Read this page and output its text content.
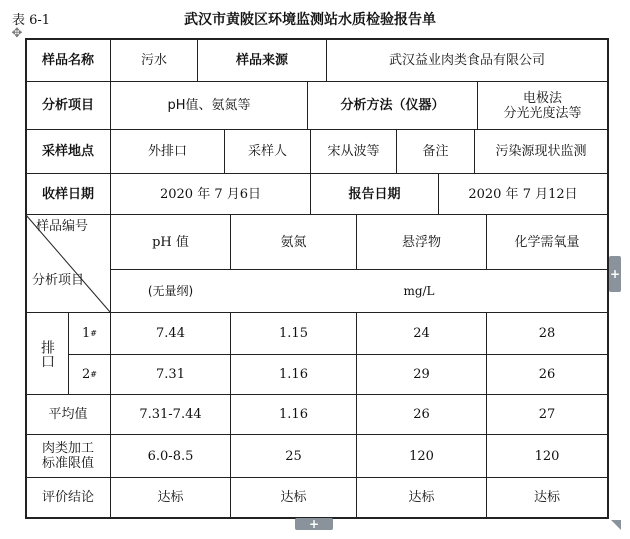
表 6-1	武汉市黄陂区环境监测站水质检验报告单
✥
样品名称	污水	样品来源	武汉益业肉类食品有限公司
分析项目	pH值、氨氮等	分析方法（仪器）	电极法
分光光度法等
采样地点	外排口	采样人	宋从波等	备注	污染源现状监测
收样日期	2020 年 7 月6日	报告日期	2020 年 7 月12日
样品编号
分析项目
pH 值	氨氮	悬浮物	化学需氧量
(无量纲)	mg/L
排口
1 #	7.44	1.15	24	28
2 #	7.31	1.16	29	26
平均值	7.31-7.44	1.16	26	27
肉类加工
标准限值	6.0-8.5	25	120	120
评价结论	达标	达标	达标	达标
+
+
